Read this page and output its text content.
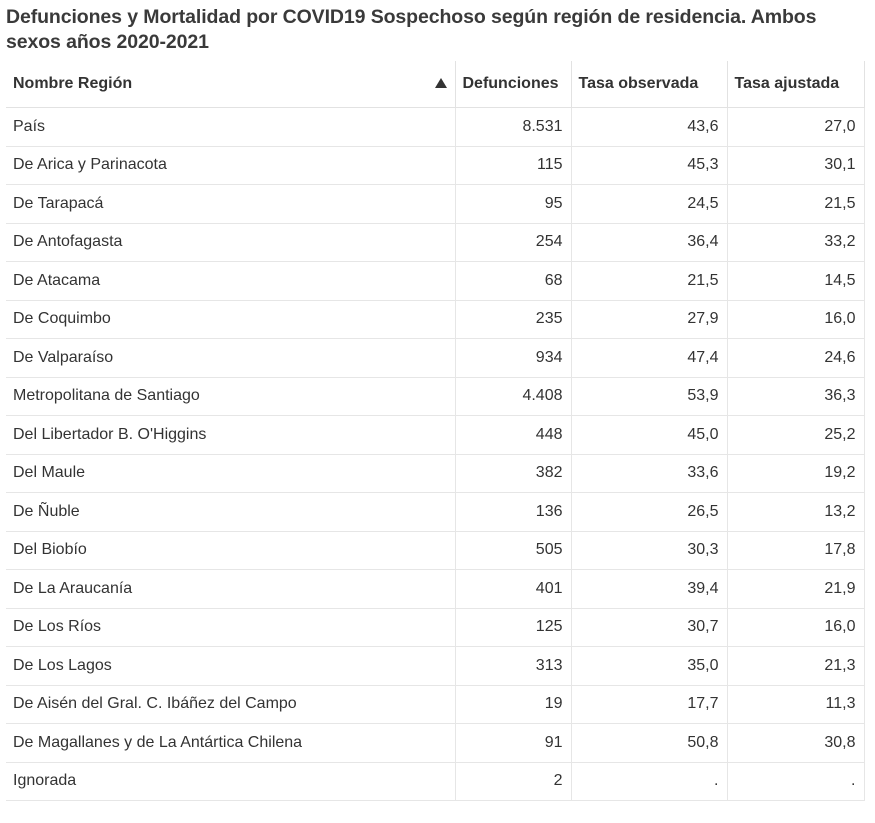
Defunciones y Mortalidad por COVID19 Sospechoso según región de residencia. Ambos sexos años 2020-2021
Nombre Región	Defunciones	Tasa observada	Tasa ajustada
País	8.531	43,6	27,0
De Arica y Parinacota	115	45,3	30,1
De Tarapacá	95	24,5	21,5
De Antofagasta	254	36,4	33,2
De Atacama	68	21,5	14,5
De Coquimbo	235	27,9	16,0
De Valparaíso	934	47,4	24,6
Metropolitana de Santiago	4.408	53,9	36,3
Del Libertador B. O'Higgins	448	45,0	25,2
Del Maule	382	33,6	19,2
De Ñuble	136	26,5	13,2
Del Biobío	505	30,3	17,8
De La Araucanía	401	39,4	21,9
De Los Ríos	125	30,7	16,0
De Los Lagos	313	35,0	21,3
De Aisén del Gral. C. Ibáñez del Campo	19	17,7	11,3
De Magallanes y de La Antártica Chilena	91	50,8	30,8
Ignorada	2	.	.
